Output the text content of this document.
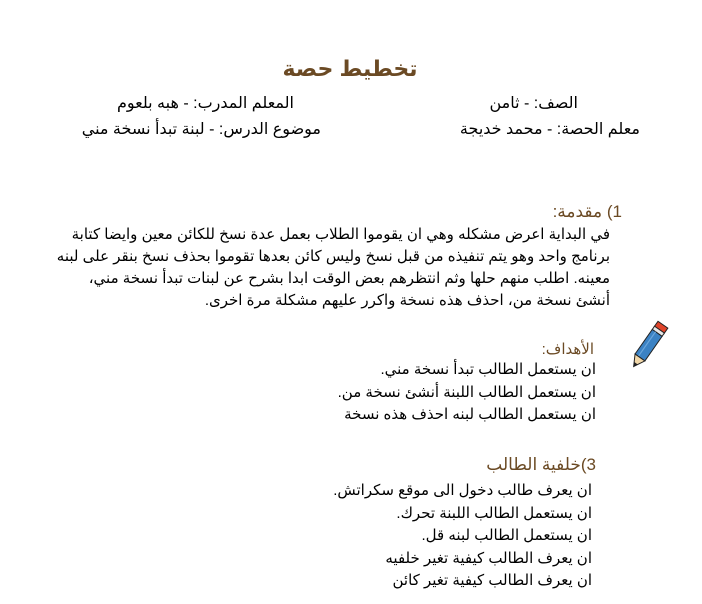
تخطيط حصة
الصف: - ثامن
المعلم المدرب: - هبه بلعوم
معلم الحصة: - محمد خديجة
موضوع الدرس: - لبنة تبدأ نسخة مني
1) مقدمة:
في البداية اعرض مشكله وهي ان يقوموا الطلاب بعمل عدة نسخ للكائن معين وايضا كتابة
برنامج واحد وهو يتم تنفيذه من قبل نسخ وليس كائن بعدها تقوموا بحذف نسخ بنقر على لبنه
معينه. اطلب منهم حلها وثم انتظرهم بعض الوقت ابدا بشرح عن لبنات تبدأ نسخة مني،
أنشئ نسخة من، احذف هذه نسخة واكرر عليهم مشكلة مرة اخرى.
الأهداف:
ان يستعمل الطالب تبدأ نسخة مني.
ان يستعمل الطالب اللبنة أنشئ نسخة من.
ان يستعمل الطالب لبنه احذف هذه نسخة
3)خلفية الطالب
ان يعرف طالب دخول الى موقع سكراتش.
ان يستعمل الطالب اللبنة تحرك.
ان يستعمل الطالب لبنه قل.
ان يعرف الطالب كيفية تغير خلفيه
ان يعرف الطالب كيفية تغير كائن
